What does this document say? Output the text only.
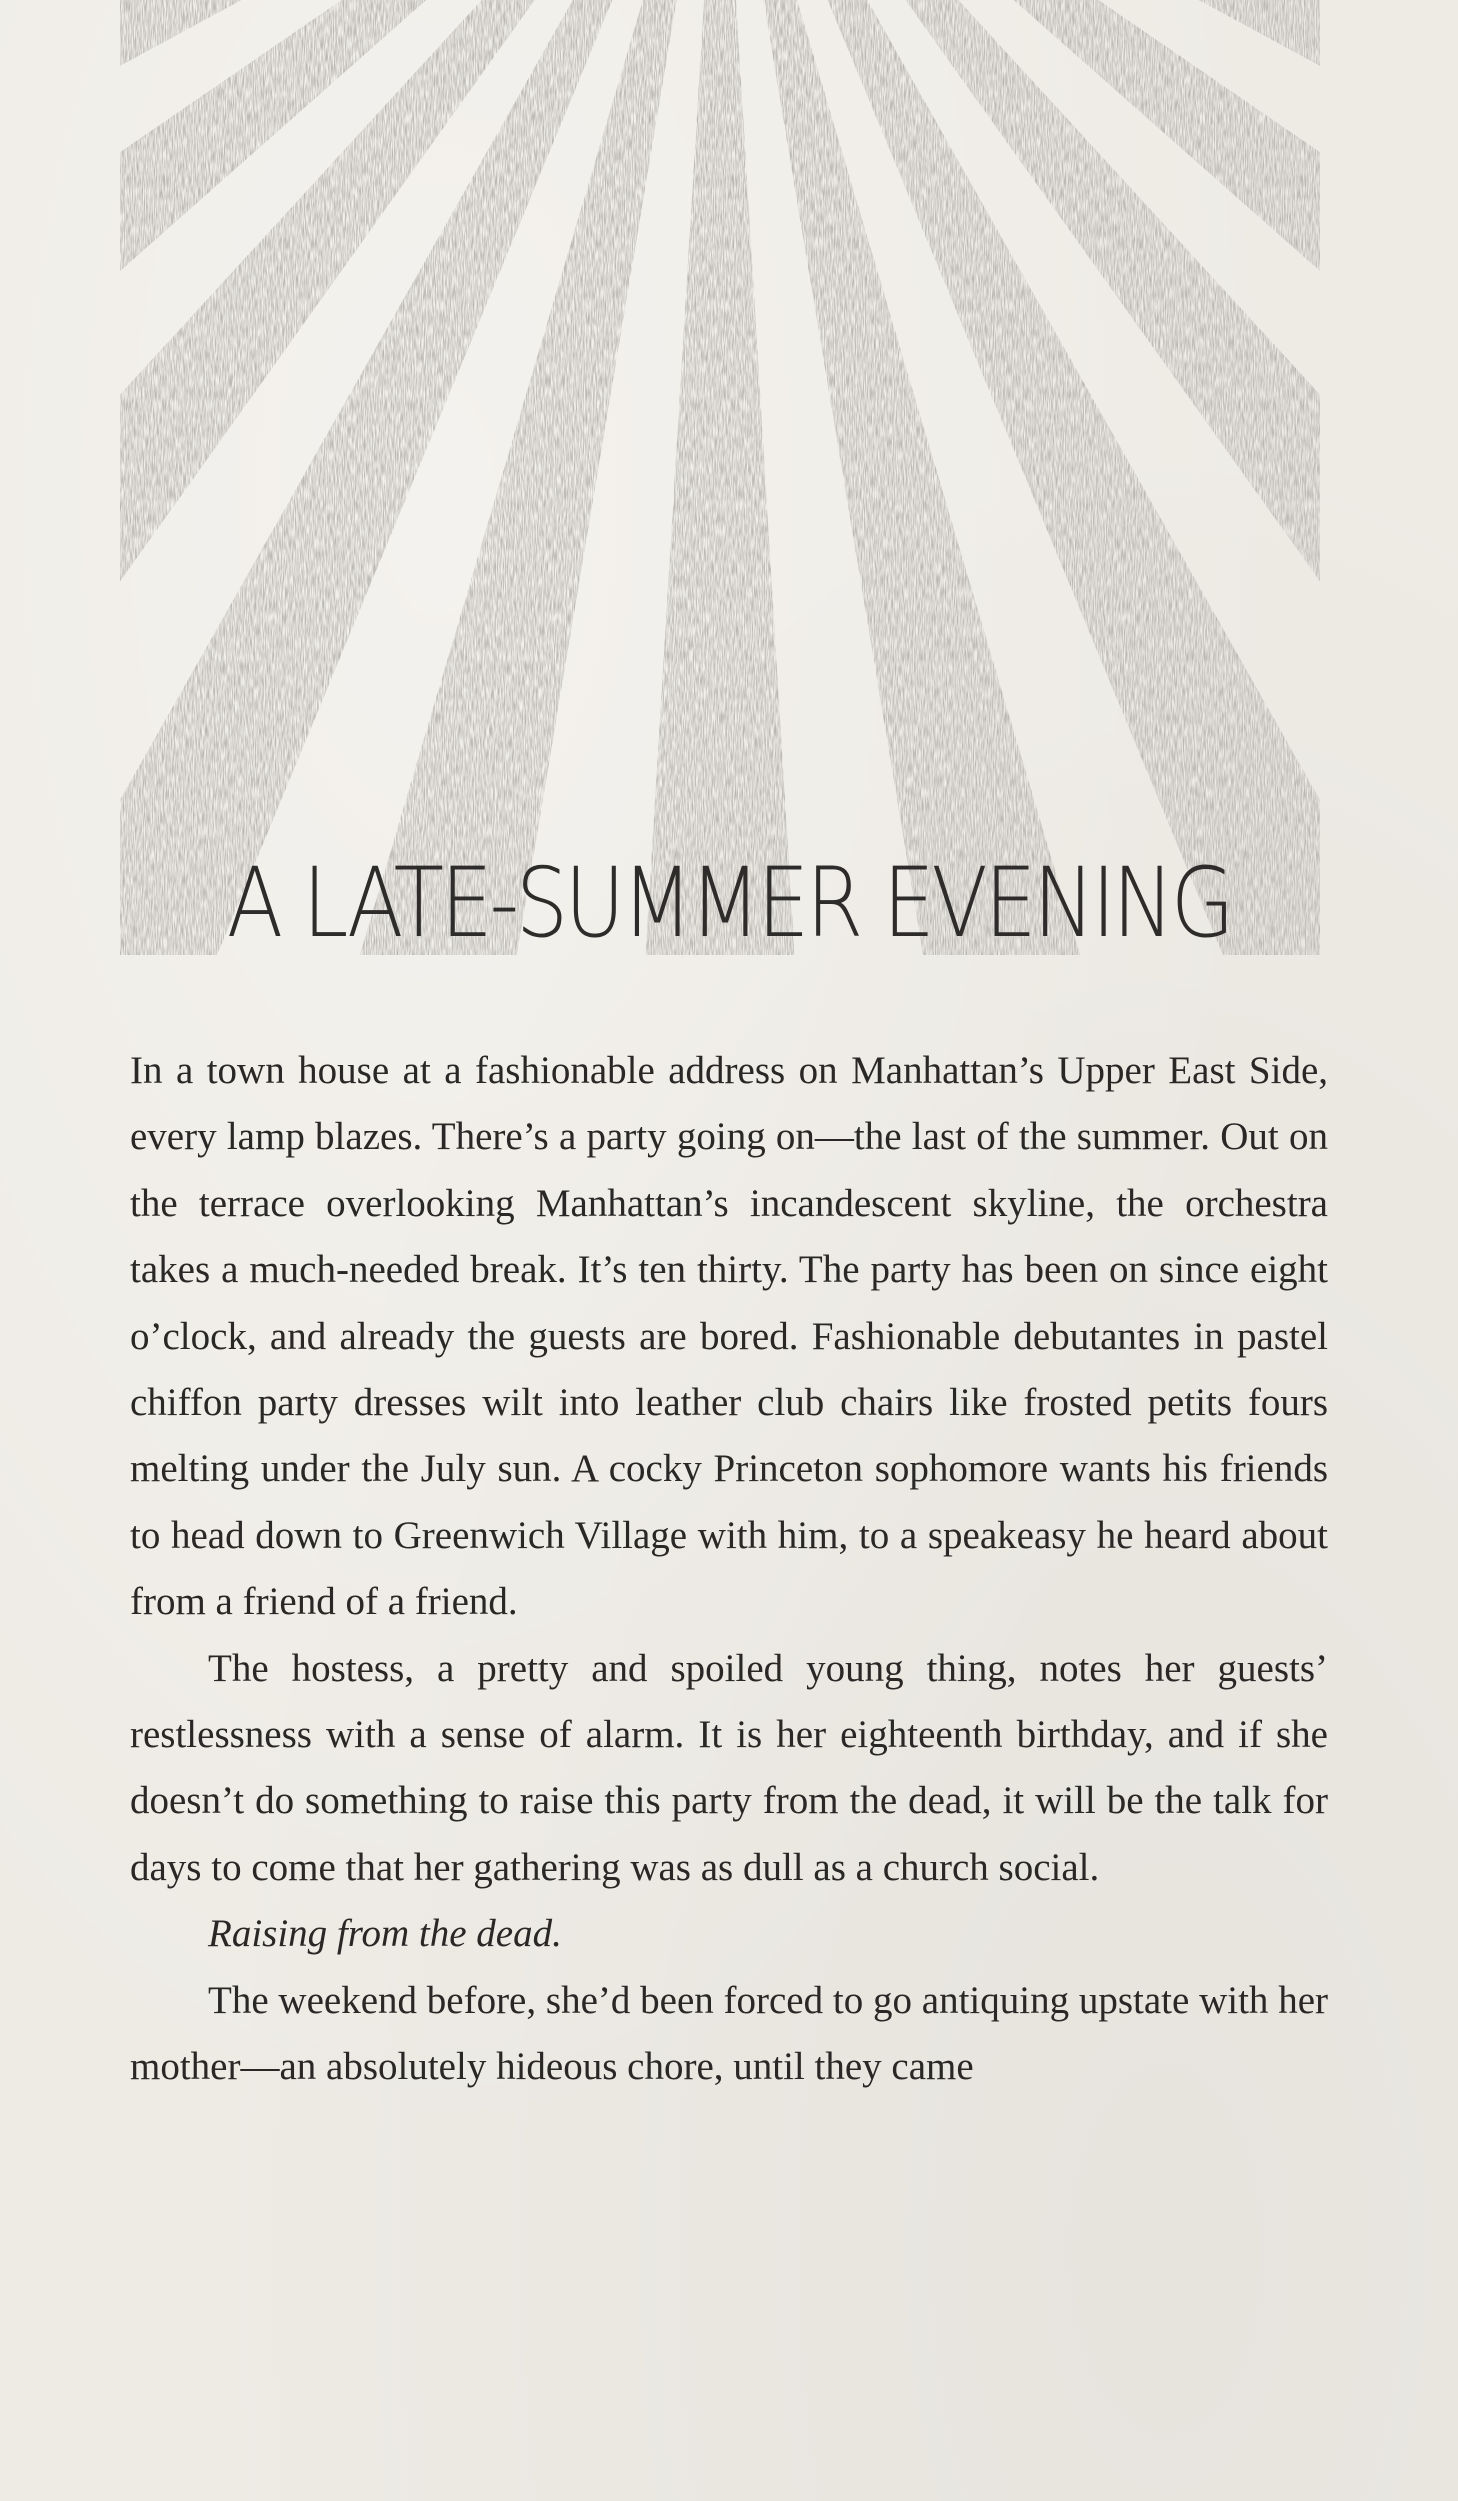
A LATE-SUMMER EVENING

In a town house at a fashionable address on Manhattan’s Upper East Side, every lamp blazes. There’s a party going on—the last of the summer. Out on the terrace overlooking Manhattan’s incandescent skyline, the orchestra takes a much-needed break. It’s ten thirty. The party has been on since eight o’clock, and already the guests are bored. Fashionable debutantes in pastel chiffon party dresses wilt into leather club chairs like frosted petits fours melting under the July sun. A cocky Princeton sophomore wants his friends to head down to Greenwich Village with him, to a speakeasy he heard about from a friend of a friend.

The hostess, a pretty and spoiled young thing, notes her guests’ restlessness with a sense of alarm. It is her eighteenth birthday, and if she doesn’t do something to raise this party from the dead, it will be the talk for days to come that her gathering was as dull as a church social.

Raising from the dead.

The weekend before, she’d been forced to go antiquing upstate with her mother—an absolutely hideous chore, until they came
